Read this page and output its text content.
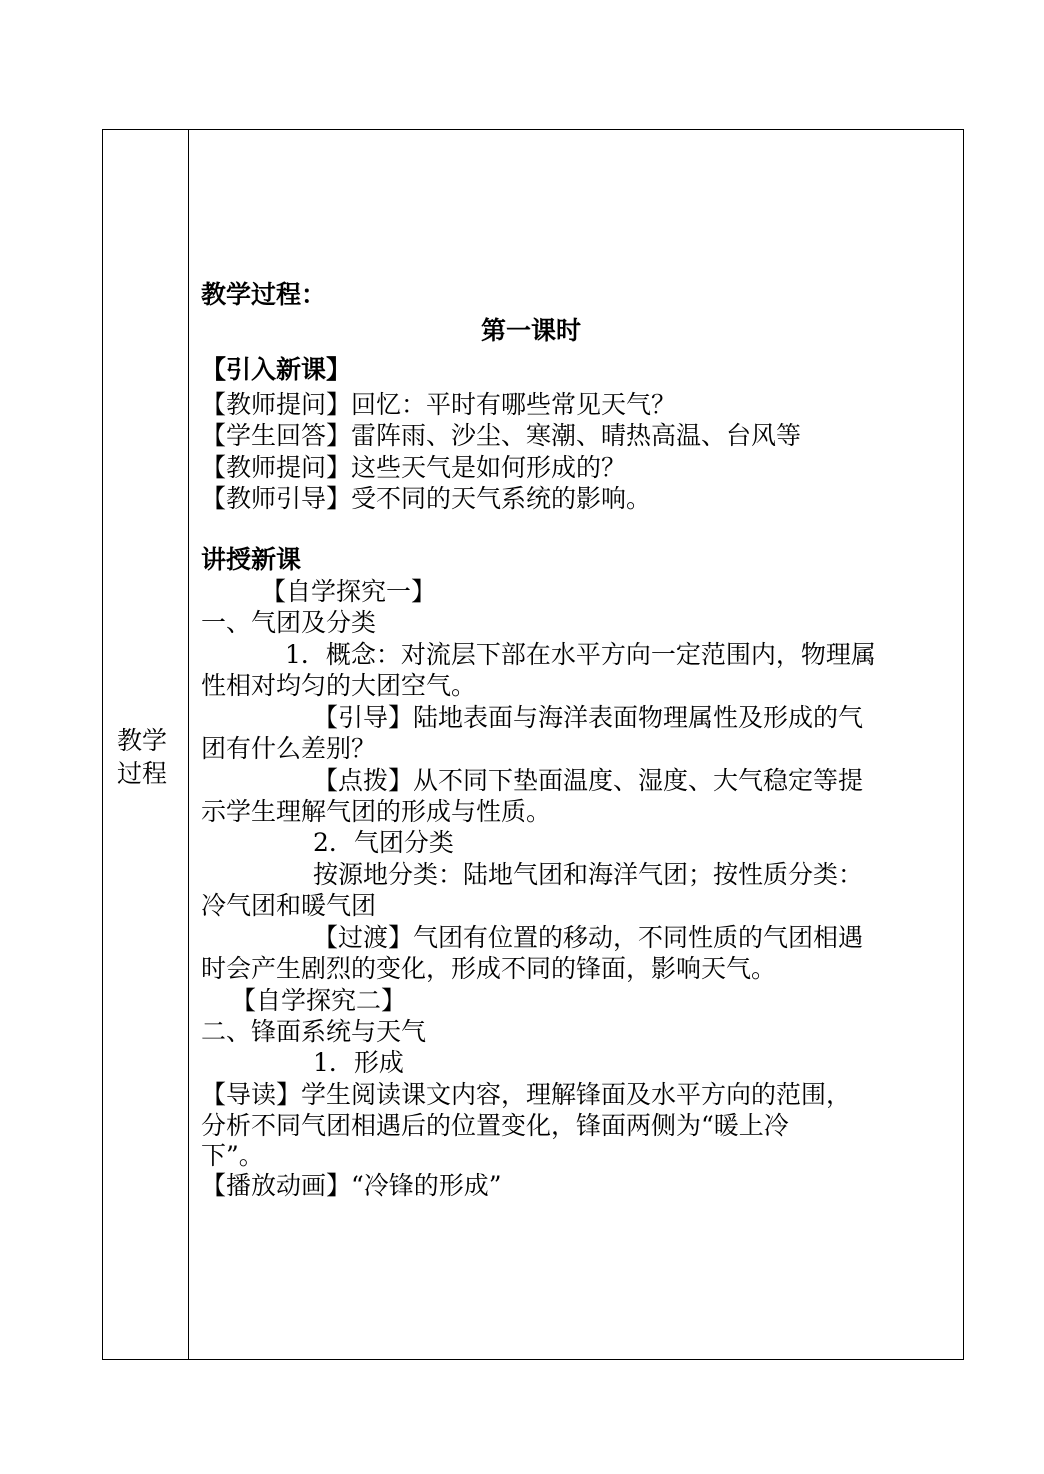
教学
过程
教学过程：
第一课时
【引入新课】
【教师提问】回忆：平时有哪些常见天气？
【学生回答】雷阵雨、沙尘、寒潮、晴热高温、台风等
【教师提问】这些天气是如何形成的？
【教师引导】受不同的天气系统的影响。
讲授新课
【自学探究一】
一、气团及分类
1．概念：对流层下部在水平方向一定范围内，物理属
性相对均匀的大团空气。
【引导】陆地表面与海洋表面物理属性及形成的气
团有什么差别？
【点拨】从不同下垫面温度、湿度、大气稳定等提
示学生理解气团的形成与性质。
2．气团分类
按源地分类：陆地气团和海洋气团；按性质分类：
冷气团和暖气团
【过渡】气团有位置的移动，不同性质的气团相遇
时会产生剧烈的变化，形成不同的锋面，影响天气。
【自学探究二】
二、锋面系统与天气
1．形成
【导读】学生阅读课文内容，理解锋面及水平方向的范围，
分析不同气团相遇后的位置变化，锋面两侧为“暖上冷
下”。
【播放动画】“冷锋的形成”
